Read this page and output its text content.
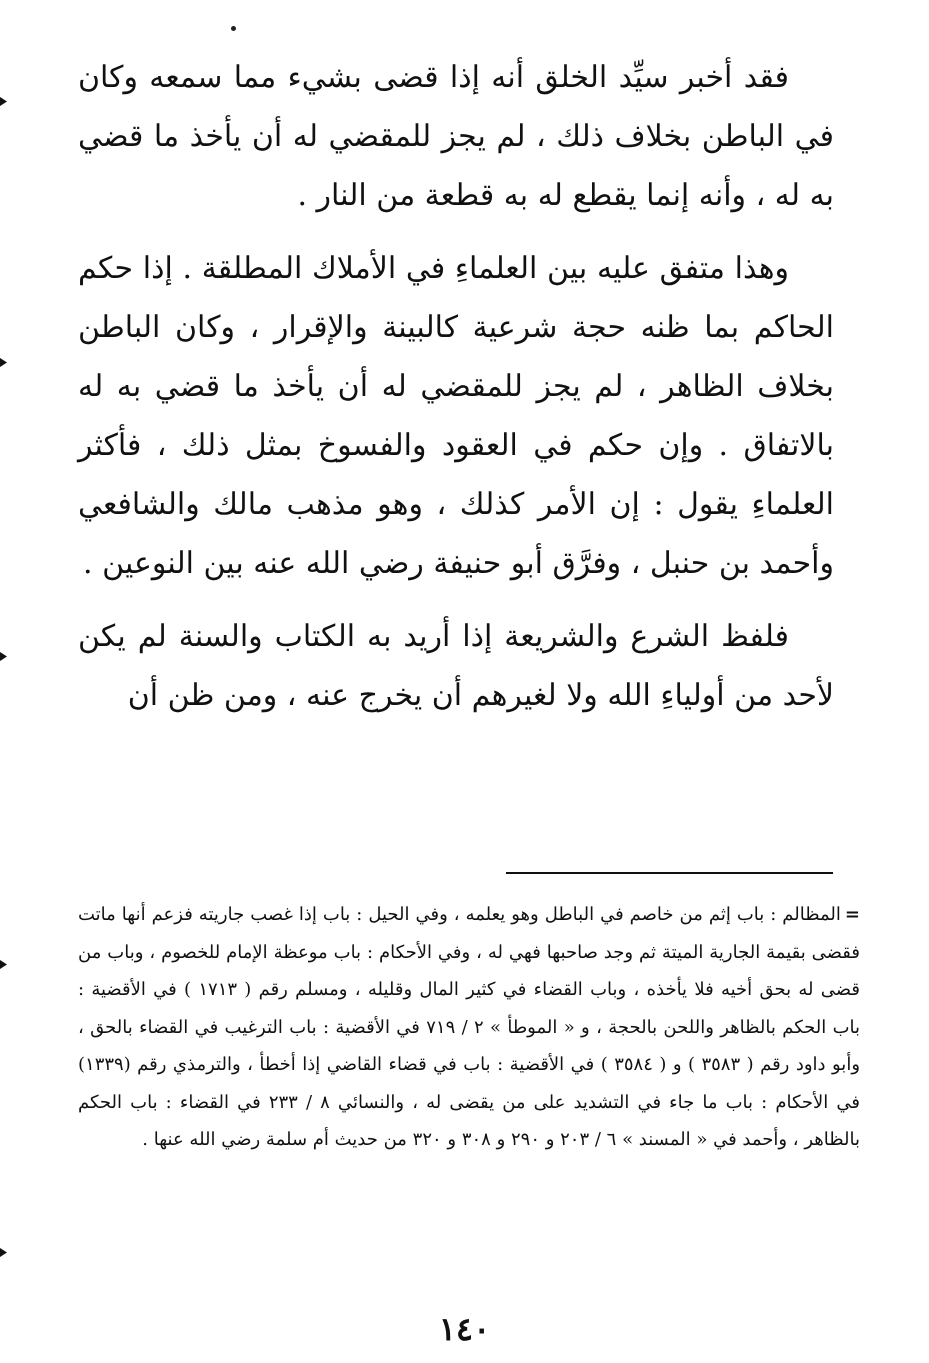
فقد أخبر سيِّد الخلق أنه إذا قضى بشيء مما سمعه وكان في الباطن بخلاف ذلك ، لم يجز للمقضي له أن يأخذ ما قضي به له ، وأنه إنما يقطع له به قطعة من النار .

وهذا متفق عليه بين العلماءِ في الأملاك المطلقة . إذا حكم الحاكم بما ظنه حجة شرعية كالبينة والإقرار ، وكان الباطن بخلاف الظاهر ، لم يجز للمقضي له أن يأخذ ما قضي به له بالاتفاق . وإن حكم في العقود والفسوخ بمثل ذلك ، فأكثر العلماءِ يقول : إن الأمر كذلك ، وهو مذهب مالك والشافعي وأحمد بن حنبل ، وفرَّق أبو حنيفة رضي الله عنه بين النوعين .

فلفظ الشرع والشريعة إذا أريد به الكتاب والسنة لم يكن لأحد من أولياءِ الله ولا لغيرهم أن يخرج عنه ، ومن ظن أن

=المظالم : باب إثم من خاصم في الباطل وهو يعلمه ، وفي الحيل : باب إذا غصب جاريته فزعم أنها ماتت فقضى بقيمة الجارية الميتة ثم وجد صاحبها فهي له ، وفي الأحكام : باب موعظة الإمام للخصوم ، وباب من قضى له بحق أخيه فلا يأخذه ، وباب القضاء في كثير المال وقليله ، ومسلم رقم ( ١٧١٣ ) في الأقضية : باب الحكم بالظاهر واللحن بالحجة ، و « الموطأ » ٢ / ٧١٩ في الأقضية : باب الترغيب في القضاء بالحق ، وأبو داود رقم ( ٣٥٨٣ ) و ( ٣٥٨٤ ) في الأقضية : باب في قضاء القاضي إذا أخطأ ، والترمذي رقم (١٣٣٩) في الأحكام : باب ما جاء في التشديد على من يقضى له ، والنسائي ٨ / ٢٣٣ في القضاء : باب الحكم بالظاهر ، وأحمد في « المسند » ٦ / ٢٠٣ و ٢٩٠ و ٣٠٨ و ٣٢٠ من حديث أم سلمة رضي الله عنها .

١٤٠
